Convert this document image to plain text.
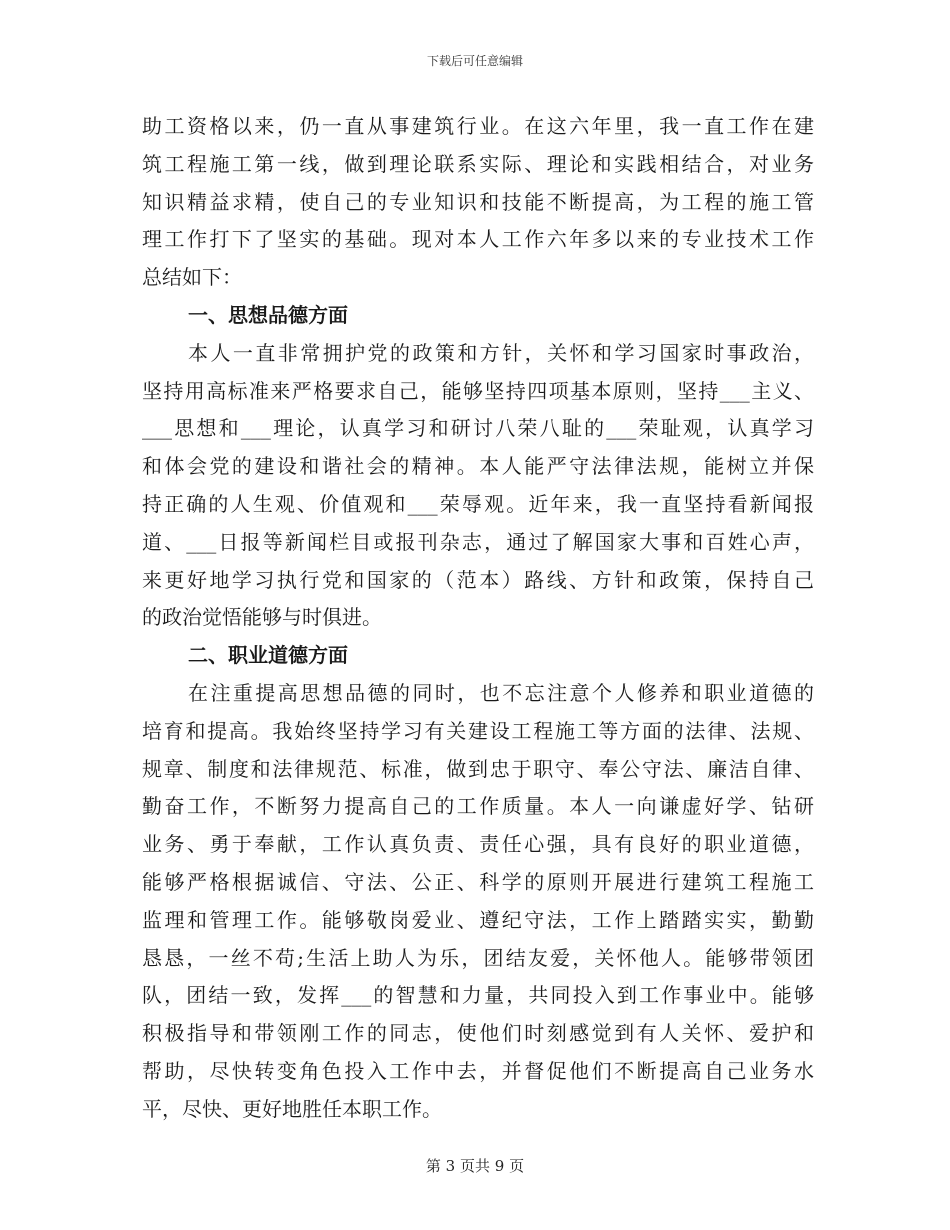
下载后可任意编辑
助工资格以来，仍一直从事建筑行业。在这六年里，我一直工作在建
筑工程施工第一线，做到理论联系实际、理论和实践相结合，对业务
知识精益求精，使自己的专业知识和技能不断提高，为工程的施工管
理工作打下了坚实的基础。现对本人工作六年多以来的专业技术工作
总结如下：
一、思想品德方面
本人一直非常拥护党的政策和方针，关怀和学习国家时事政治，
坚持用高标准来严格要求自己，能够坚持四项基本原则，坚持___主义、
___思想和___理论，认真学习和研讨八荣八耻的___荣耻观，认真学习
和体会党的建设和谐社会的精神。本人能严守法律法规，能树立并保
持正确的人生观、价值观和___荣辱观。近年来，我一直坚持看新闻报
道、___日报等新闻栏目或报刊杂志，通过了解国家大事和百姓心声，
来更好地学习执行党和国家的（范本）路线、方针和政策，保持自己
的政治觉悟能够与时俱进。
二、职业道德方面
在注重提高思想品德的同时，也不忘注意个人修养和职业道德的
培育和提高。我始终坚持学习有关建设工程施工等方面的法律、法规、
规章、制度和法律规范、标准，做到忠于职守、奉公守法、廉洁自律、
勤奋工作，不断努力提高自己的工作质量。本人一向谦虚好学、钻研
业务、勇于奉献，工作认真负责、责任心强，具有良好的职业道德，
能够严格根据诚信、守法、公正、科学的原则开展进行建筑工程施工
监理和管理工作。能够敬岗爱业、遵纪守法，工作上踏踏实实，勤勤
恳恳，一丝不苟;生活上助人为乐，团结友爱，关怀他人。能够带领团
队，团结一致，发挥___的智慧和力量，共同投入到工作事业中。能够
积极指导和带领刚工作的同志，使他们时刻感觉到有人关怀、爱护和
帮助，尽快转变角色投入工作中去，并督促他们不断提高自己业务水
平，尽快、更好地胜任本职工作。
第 3 页共 9 页
